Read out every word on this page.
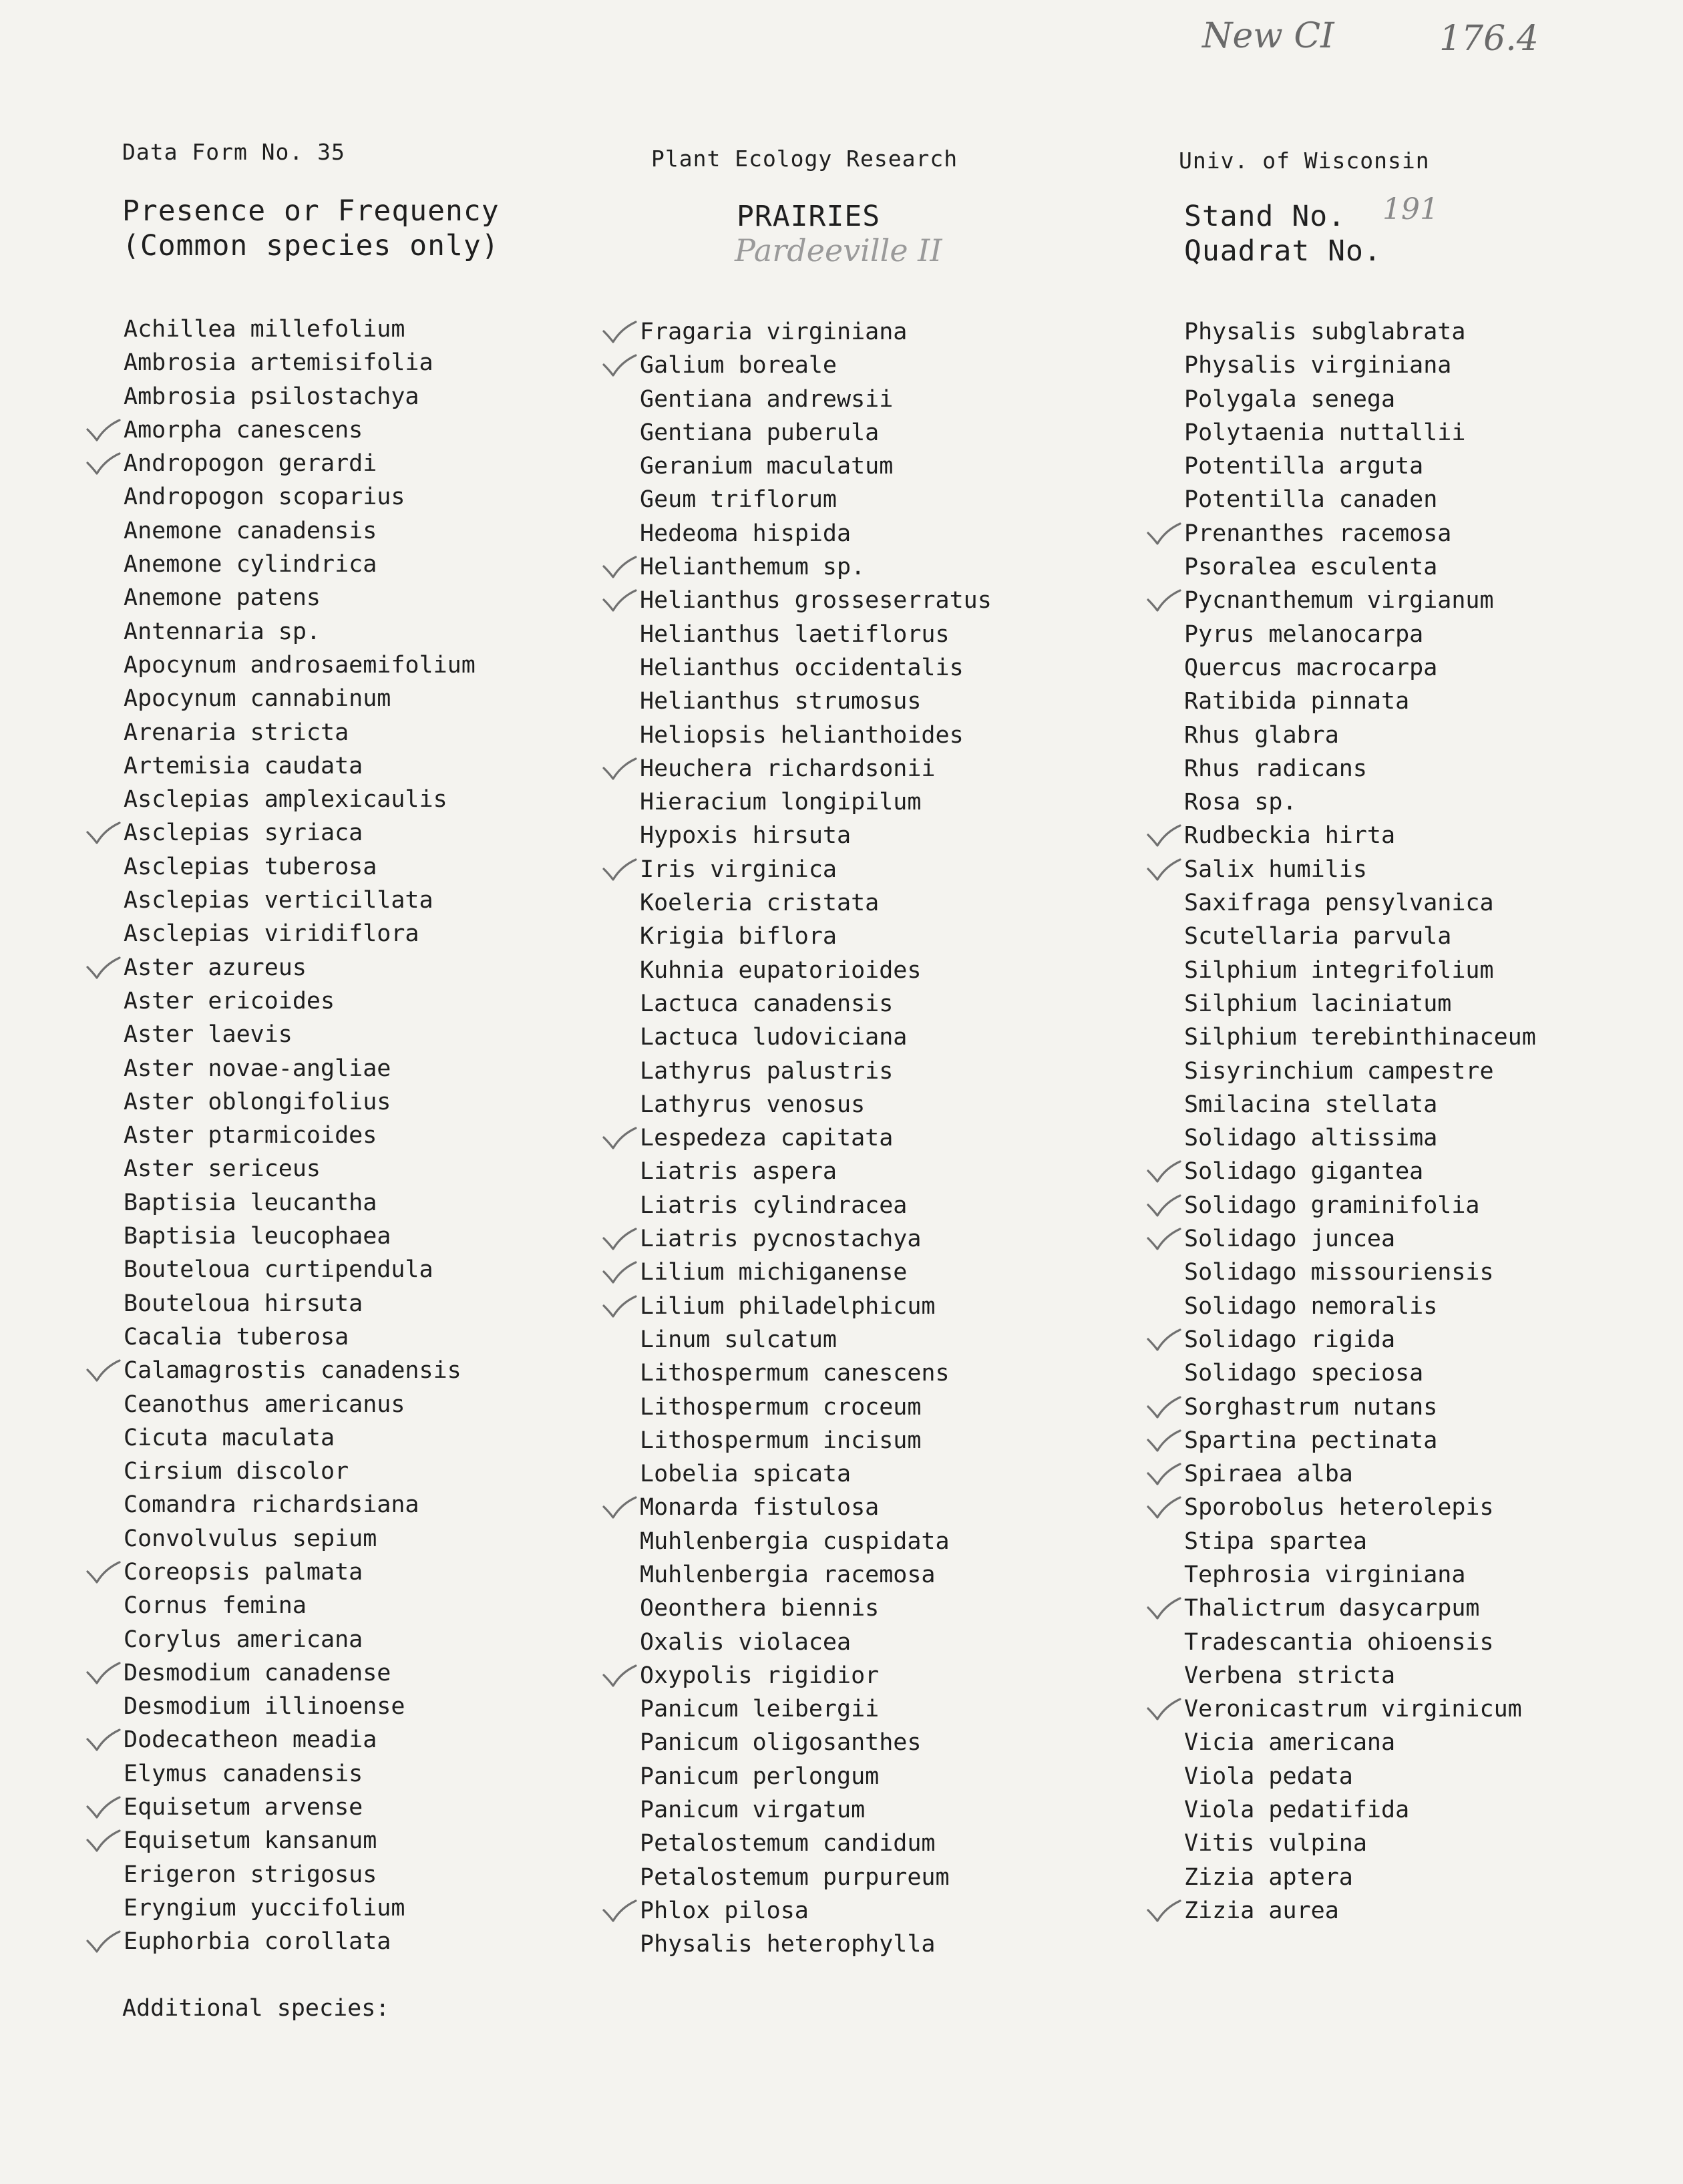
New CI	176.4
Data Form No. 35	Plant Ecology Research	Univ. of Wisconsin
Presence or Frequency
(Common species only)
PRAIRIES
Pardeeville II
Stand No.
Quadrat No.
191
Achillea millefolium
Ambrosia artemisifolia
Ambrosia psilostachya
Amorpha canescens
Andropogon gerardi
Andropogon scoparius
Anemone canadensis
Anemone cylindrica
Anemone patens
Antennaria sp.
Apocynum androsaemifolium
Apocynum cannabinum
Arenaria stricta
Artemisia caudata
Asclepias amplexicaulis
Asclepias syriaca
Asclepias tuberosa
Asclepias verticillata
Asclepias viridiflora
Aster azureus
Aster ericoides
Aster laevis
Aster novae-angliae
Aster oblongifolius
Aster ptarmicoides
Aster sericeus
Baptisia leucantha
Baptisia leucophaea
Bouteloua curtipendula
Bouteloua hirsuta
Cacalia tuberosa
Calamagrostis canadensis
Ceanothus americanus
Cicuta maculata
Cirsium discolor
Comandra richardsiana
Convolvulus sepium
Coreopsis palmata
Cornus femina
Corylus americana
Desmodium canadense
Desmodium illinoense
Dodecatheon meadia
Elymus canadensis
Equisetum arvense
Equisetum kansanum
Erigeron strigosus
Eryngium yuccifolium
Euphorbia corollata
Fragaria virginiana
Galium boreale
Gentiana andrewsii
Gentiana puberula
Geranium maculatum
Geum triflorum
Hedeoma hispida
Helianthemum sp.
Helianthus grosseserratus
Helianthus laetiflorus
Helianthus occidentalis
Helianthus strumosus
Heliopsis helianthoides
Heuchera richardsonii
Hieracium longipilum
Hypoxis hirsuta
Iris virginica
Koeleria cristata
Krigia biflora
Kuhnia eupatorioides
Lactuca canadensis
Lactuca ludoviciana
Lathyrus palustris
Lathyrus venosus
Lespedeza capitata
Liatris aspera
Liatris cylindracea
Liatris pycnostachya
Lilium michiganense
Lilium philadelphicum
Linum sulcatum
Lithospermum canescens
Lithospermum croceum
Lithospermum incisum
Lobelia spicata
Monarda fistulosa
Muhlenbergia cuspidata
Muhlenbergia racemosa
Oeonthera biennis
Oxalis violacea
Oxypolis rigidior
Panicum leibergii
Panicum oligosanthes
Panicum perlongum
Panicum virgatum
Petalostemum candidum
Petalostemum purpureum
Phlox pilosa
Physalis heterophylla
Physalis subglabrata
Physalis virginiana
Polygala senega
Polytaenia nuttallii
Potentilla arguta
Potentilla canaden
Prenanthes racemosa
Psoralea esculenta
Pycnanthemum virgianum
Pyrus melanocarpa
Quercus macrocarpa
Ratibida pinnata
Rhus glabra
Rhus radicans
Rosa sp.
Rudbeckia hirta
Salix humilis
Saxifraga pensylvanica
Scutellaria parvula
Silphium integrifolium
Silphium laciniatum
Silphium terebinthinaceum
Sisyrinchium campestre
Smilacina stellata
Solidago altissima
Solidago gigantea
Solidago graminifolia
Solidago juncea
Solidago missouriensis
Solidago nemoralis
Solidago rigida
Solidago speciosa
Sorghastrum nutans
Spartina pectinata
Spiraea alba
Sporobolus heterolepis
Stipa spartea
Tephrosia virginiana
Thalictrum dasycarpum
Tradescantia ohioensis
Verbena stricta
Veronicastrum virginicum
Vicia americana
Viola pedata
Viola pedatifida
Vitis vulpina
Zizia aptera
Zizia aurea
Additional species:
